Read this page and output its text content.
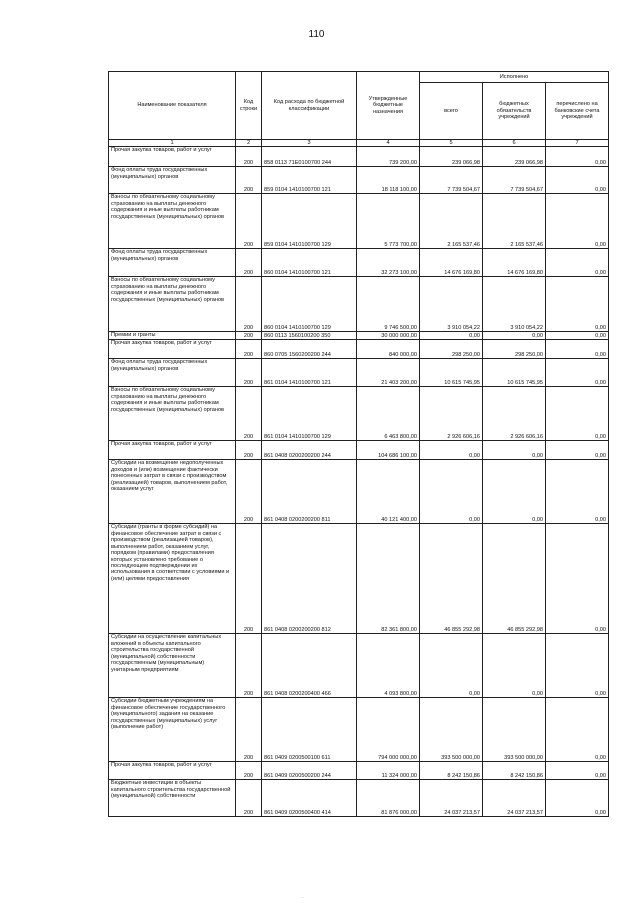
110
Наименование показателя	Код строки	Код расхода по бюджетной классификации	Утвержденные бюджетные назначения	Исполнено		
				всего	бюджетных обязательств учреждений	перечислено на банковские счета учреждений
1	2	3	4	5	6	7
Прочая закупка товаров, работ и услуг	200	858 0113 71Е0100700 244	739 200,00	239 066,98	239 066,98	0,00
Фонд оплаты труда государственных (муниципальных) органов	200	859 0104 1410100700 121	18 118 100,00	7 739 504,67	7 739 504,67	0,00
Взносы по обязательному социальному страхованию на выплаты денежного содержания и иные выплаты работникам государственных (муниципальных) органов	200	859 0104 1410100700 129	5 773 700,00	2 165 537,46	2 165 537,46	0,00
Фонд оплаты труда государственных (муниципальных) органов	200	860 0104 1410100700 121	32 273 100,00	14 676 169,80	14 676 169,80	0,00
Взносы по обязательному социальному страхованию на выплаты денежного содержания и иные выплаты работникам государственных (муниципальных) органов	200	860 0104 1410100700 129	9 746 500,00	3 910 054,22	3 910 054,22	0,00
Премии и гранты	200	860 0113 1560100200 350	30 000 000,00	0,00	0,00	0,00
Прочая закупка товаров, работ и услуг	200	860 0705 1560200200 244	840 000,00	298 250,00	298 250,00	0,00
Фонд оплаты труда государственных (муниципальных) органов	200	861 0104 1410100700 121	21 403 200,00	10 615 745,95	10 615 745,95	0,00
Взносы по обязательному социальному страхованию на выплаты денежного содержания и иные выплаты работникам государственных (муниципальных) органов	200	861 0104 1410100700 129	6 463 800,00	2 926 606,16	2 926 606,16	0,00
Прочая закупка товаров, работ и услуг	200	861 0408 0200200200 244	104 686 100,00	0,00	0,00	0,00
Субсидии на возмещение недополученных доходов и (или) возмещение фактически понесенных затрат в связи с производством (реализацией) товаров, выполнением работ, оказанием услуг	200	861 0408 0200200200 811	40 121 400,00	0,00	0,00	0,00
Субсидии (гранты в форме субсидий) на финансовое обеспечение затрат в связи с производством (реализацией товаров), выполнением работ, оказанием услуг, порядком (правилами) предоставления которых установлено требование о последующем подтверждении их использования в соответствии с условиями и (или) целями предоставления	200	861 0408 0200200200 812	82 361 800,00	46 855 292,98	46 855 292,98	0,00
Субсидии на осуществление капитальных вложений в объекты капитального строительства государственной (муниципальной) собственности государственным (муниципальным) унитарным предприятиям	200	861 0408 0200200400 466	4 093 800,00	0,00	0,00	0,00
Субсидии бюджетным учреждениям на финансовое обеспечение государственного (муниципального) задания на оказание государственных (муниципальных) услуг (выполнение работ)	200	861 0409 0200500100 611	794 000 000,00	393 500 000,00	393 500 000,00	0,00
Прочая закупка товаров, работ и услуг	200	861 0409 0200500200 244	11 324 000,00	8 242 150,86	8 242 150,86	0,00
Бюджетные инвестиции в объекты капитального строительства государственной (муниципальной) собственности	200	861 0409 0200500400 414	81 876 000,00	24 037 213,57	24 037 213,57	0,00
·
